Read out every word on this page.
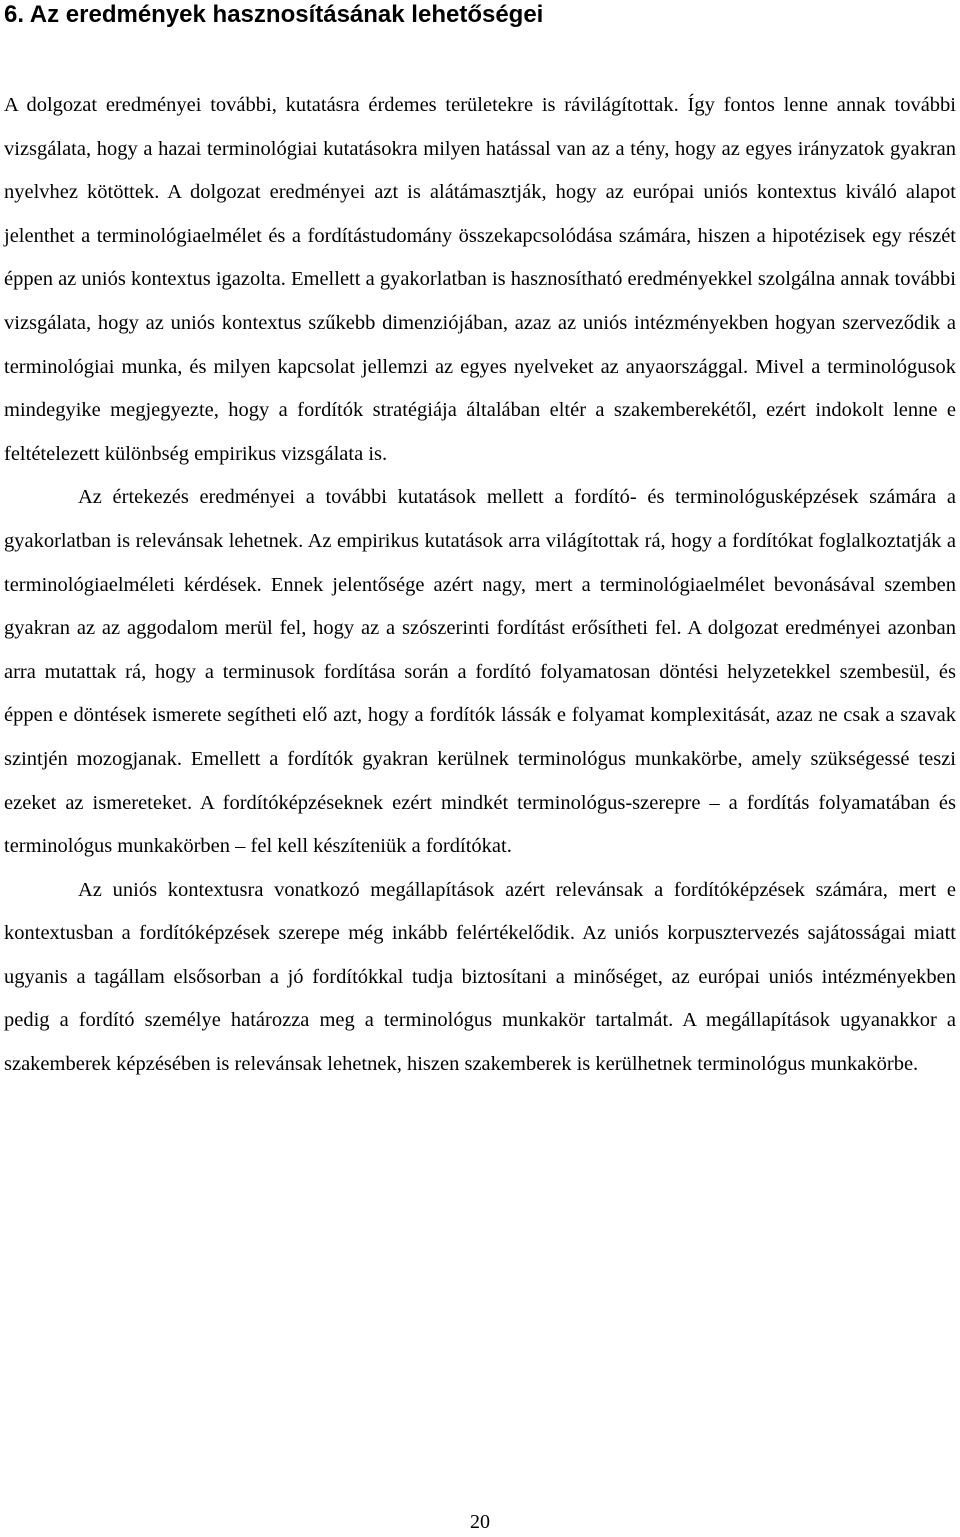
6. Az eredmények hasznosításának lehetőségei

A dolgozat eredményei további, kutatásra érdemes területekre is rávilágítottak. Így fontos lenne annak további vizsgálata, hogy a hazai terminológiai kutatásokra milyen hatással van az a tény, hogy az egyes irányzatok gyakran nyelvhez kötöttek. A dolgozat eredményei azt is alátámasztják, hogy az európai uniós kontextus kiváló alapot jelenthet a terminológiaelmélet és a fordítástudomány összekapcsolódása számára, hiszen a hipotézisek egy részét éppen az uniós kontextus igazolta. Emellett a gyakorlatban is hasznosítható eredményekkel szolgálna annak további vizsgálata, hogy az uniós kontextus szűkebb dimenziójában, azaz az uniós intézményekben hogyan szerveződik a terminológiai munka, és milyen kapcsolat jellemzi az egyes nyelveket az anyaországgal. Mivel a terminológusok mindegyike megjegyezte, hogy a fordítók stratégiája általában eltér a szakemberekétől, ezért indokolt lenne e feltételezett különbség empirikus vizsgálata is.

Az értekezés eredményei a további kutatások mellett a fordító- és terminológusképzések számára a gyakorlatban is relevánsak lehetnek. Az empirikus kutatások arra világítottak rá, hogy a fordítókat foglalkoztatják a terminológiaelméleti kérdések. Ennek jelentősége azért nagy, mert a terminológiaelmélet bevonásával szemben gyakran az az aggodalom merül fel, hogy az a szószerinti fordítást erősítheti fel. A dolgozat eredményei azonban arra mutattak rá, hogy a terminusok fordítása során a fordító folyamatosan döntési helyzetekkel szembesül, és éppen e döntések ismerete segítheti elő azt, hogy a fordítók lássák e folyamat komplexitását, azaz ne csak a szavak szintjén mozogjanak. Emellett a fordítók gyakran kerülnek terminológus munkakörbe, amely szükségessé teszi ezeket az ismereteket. A fordítóképzéseknek ezért mindkét terminológus-szerepre – a fordítás folyamatában és terminológus munkakörben – fel kell készíteniük a fordítókat.

Az uniós kontextusra vonatkozó megállapítások azért relevánsak a fordítóképzések számára, mert e kontextusban a fordítóképzések szerepe még inkább felértékelődik. Az uniós korpusztervezés sajátosságai miatt ugyanis a tagállam elsősorban a jó fordítókkal tudja biztosítani a minőséget, az európai uniós intézményekben pedig a fordító személye határozza meg a terminológus munkakör tartalmát. A megállapítások ugyanakkor a szakemberek képzésében is relevánsak lehetnek, hiszen szakemberek is kerülhetnek terminológus munkakörbe.

20
